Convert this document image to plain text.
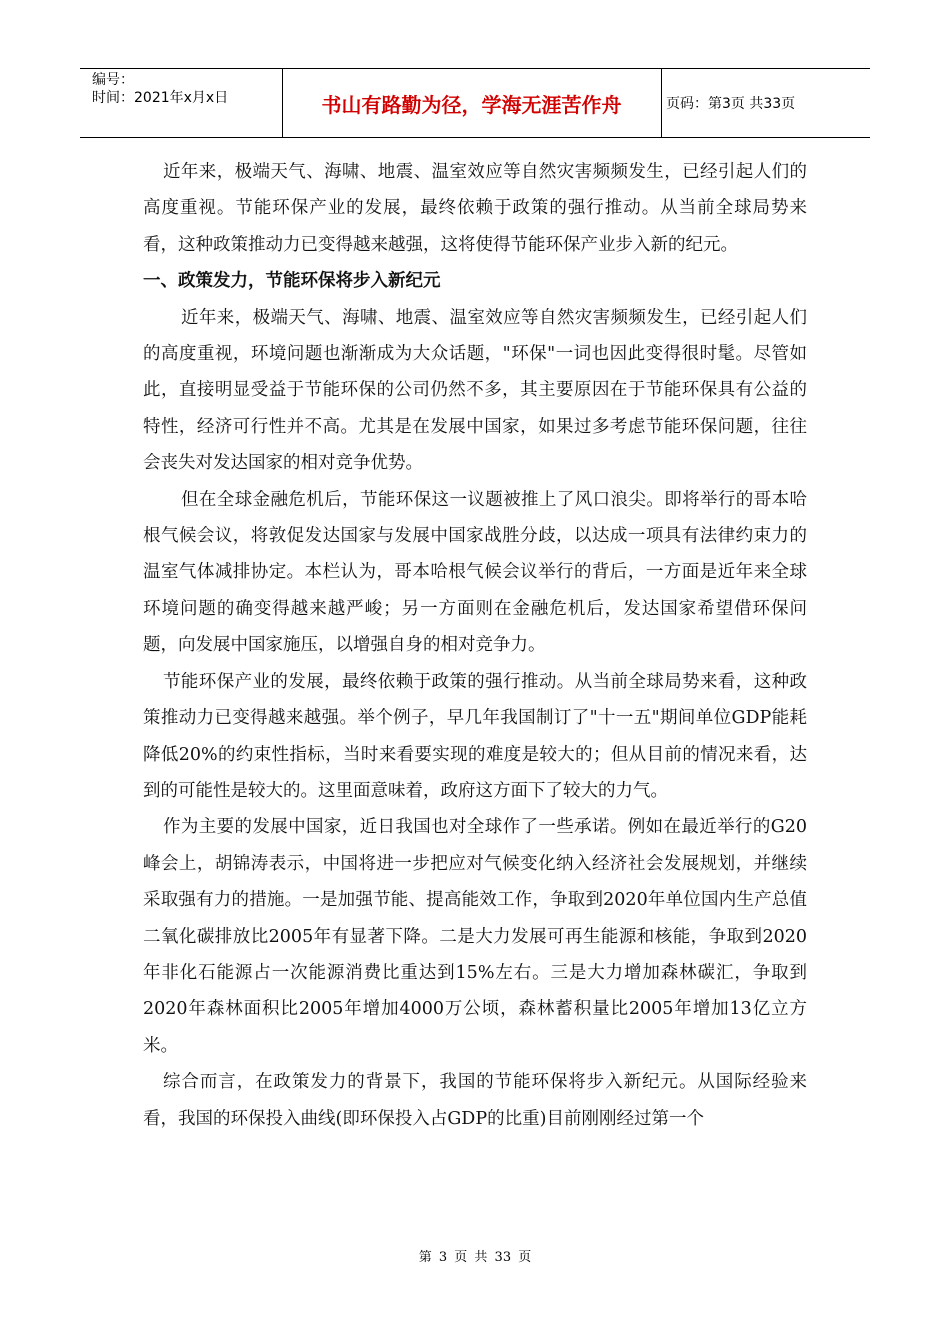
编号：
时间：2021年x月x日	书山有路勤为径，学海无涯苦作舟	页码：第3页 共33页

近年来，极端天气、海啸、地震、温室效应等自然灾害频频发生，已经引起人们的高度重视。节能环保产业的发展，最终依赖于政策的强行推动。从当前全球局势来看，这种政策推动力已变得越来越强，这将使得节能环保产业步入新的纪元。

一、政策发力，节能环保将步入新纪元

近年来，极端天气、海啸、地震、温室效应等自然灾害频频发生，已经引起人们的高度重视，环境问题也渐渐成为大众话题，"环保"一词也因此变得很时髦。尽管如此，直接明显受益于节能环保的公司仍然不多，其主要原因在于节能环保具有公益的特性，经济可行性并不高。尤其是在发展中国家，如果过多考虑节能环保问题，往往会丧失对发达国家的相对竞争优势。

但在全球金融危机后，节能环保这一议题被推上了风口浪尖。即将举行的哥本哈根气候会议，将敦促发达国家与发展中国家战胜分歧，以达成一项具有法律约束力的温室气体减排协定。本栏认为，哥本哈根气候会议举行的背后，一方面是近年来全球环境问题的确变得越来越严峻；另一方面则在金融危机后，发达国家希望借环保问题，向发展中国家施压，以增强自身的相对竞争力。

节能环保产业的发展，最终依赖于政策的强行推动。从当前全球局势来看，这种政策推动力已变得越来越强。举个例子，早几年我国制订了"十一五"期间单位GDP能耗降低20%的约束性指标，当时来看要实现的难度是较大的；但从目前的情况来看，达到的可能性是较大的。这里面意味着，政府这方面下了较大的力气。

作为主要的发展中国家，近日我国也对全球作了一些承诺。例如在最近举行的G20峰会上，胡锦涛表示，中国将进一步把应对气候变化纳入经济社会发展规划，并继续采取强有力的措施。一是加强节能、提高能效工作，争取到2020年单位国内生产总值二氧化碳排放比2005年有显著下降。二是大力发展可再生能源和核能，争取到2020年非化石能源占一次能源消费比重达到15%左右。三是大力增加森林碳汇，争取到2020年森林面积比2005年增加4000万公顷，森林蓄积量比2005年增加13亿立方米。

综合而言，在政策发力的背景下，我国的节能环保将步入新纪元。从国际经验来看，我国的环保投入曲线(即环保投入占GDP的比重)目前刚刚经过第一个

第 3 页 共 33 页
